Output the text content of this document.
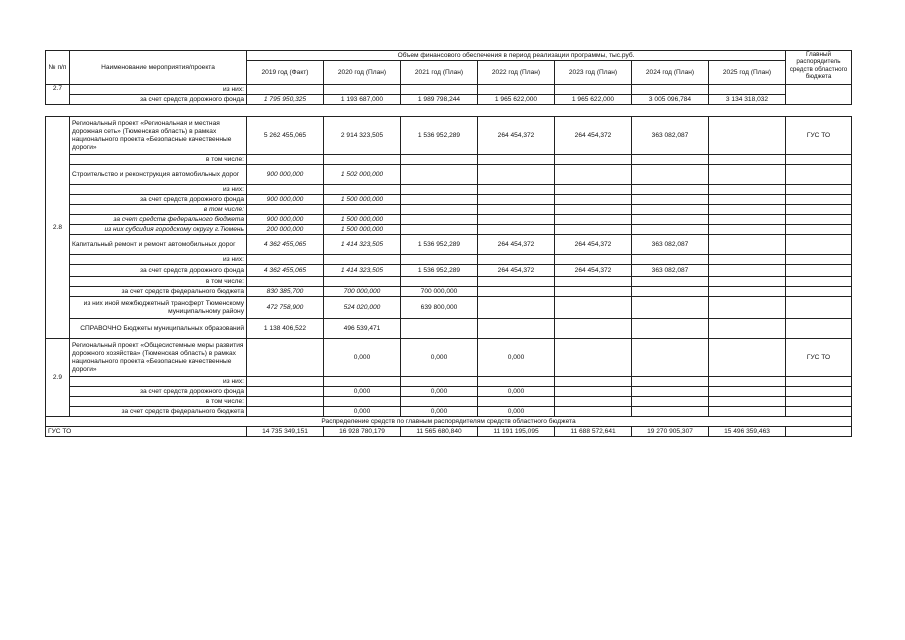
№ п/п	Наименование мероприятия/проекта	Объем финансового обеспечения в период реализации программы, тыс.руб.							Главный распорядитель средств областного бюджета
		2019 год (Факт)	2020 год (План)	2021 год (План)	2022 год (План)	2023 год (План)	2024 год (План)	2025 год (План)	
2.7	из них:								
	за счет средств дорожного фонда	1 795 950,325	1 193 687,000	1 989 798,244	1 965 622,000	1 965 622,000	3 005 096,784	3 134 318,032	
2.8	Региональный проект «Региональная и местная дорожная сеть» (Тюменская область) в рамках национального проекта «Безопасные качественные дороги»	5 262 455,065	2 914 323,505	1 536 952,289	264 454,372	264 454,372	363 082,087		ГУС ТО
	в том числе:								
	Строительство и реконструкция автомобильных дорог	900 000,000	1 502 000,000						
	из них:								
	за счет средств дорожного фонда	900 000,000	1 500 000,000						
	в том числе:								
	за счет средств федерального бюджета	900 000,000	1 500 000,000						
	из них субсидия городскому округу г.Тюмень	200 000,000	1 500 000,000						
	Капитальный ремонт и ремонт автомобильных дорог	4 362 455,065	1 414 323,505	1 536 952,289	264 454,372	264 454,372	363 082,087		
	из них:								
	за счет средств дорожного фонда	4 362 455,065	1 414 323,505	1 536 952,289	264 454,372	264 454,372	363 082,087		
	в том числе:								
	за счет средств федерального бюджета	830 385,700	700 000,000	700 000,000					
	из них иной межбюджетный трансферт Тюменскому муниципальному району	472 758,900	524 020,000	639 800,000					
	СПРАВОЧНО Бюджеты муниципальных образований	1 138 406,522	496 539,471						
2.9	Региональный проект «Общесистемные меры развития дорожного хозяйства» (Тюменская область) в рамках национального проекта «Безопасные качественные дороги»		0,000	0,000	0,000				ГУС ТО
	из них:								
	за счет средств дорожного фонда		0,000	0,000	0,000				
	в том числе:								
	за счет средств федерального бюджета		0,000	0,000	0,000				
Распределение средств по главным распорядителям средств областного бюджета									
ГУС ТО		14 735 349,151	16 928 780,179	11 565 680,840	11 191 195,095	11 688 572,641	19 270 905,307	15 496 359,463	
